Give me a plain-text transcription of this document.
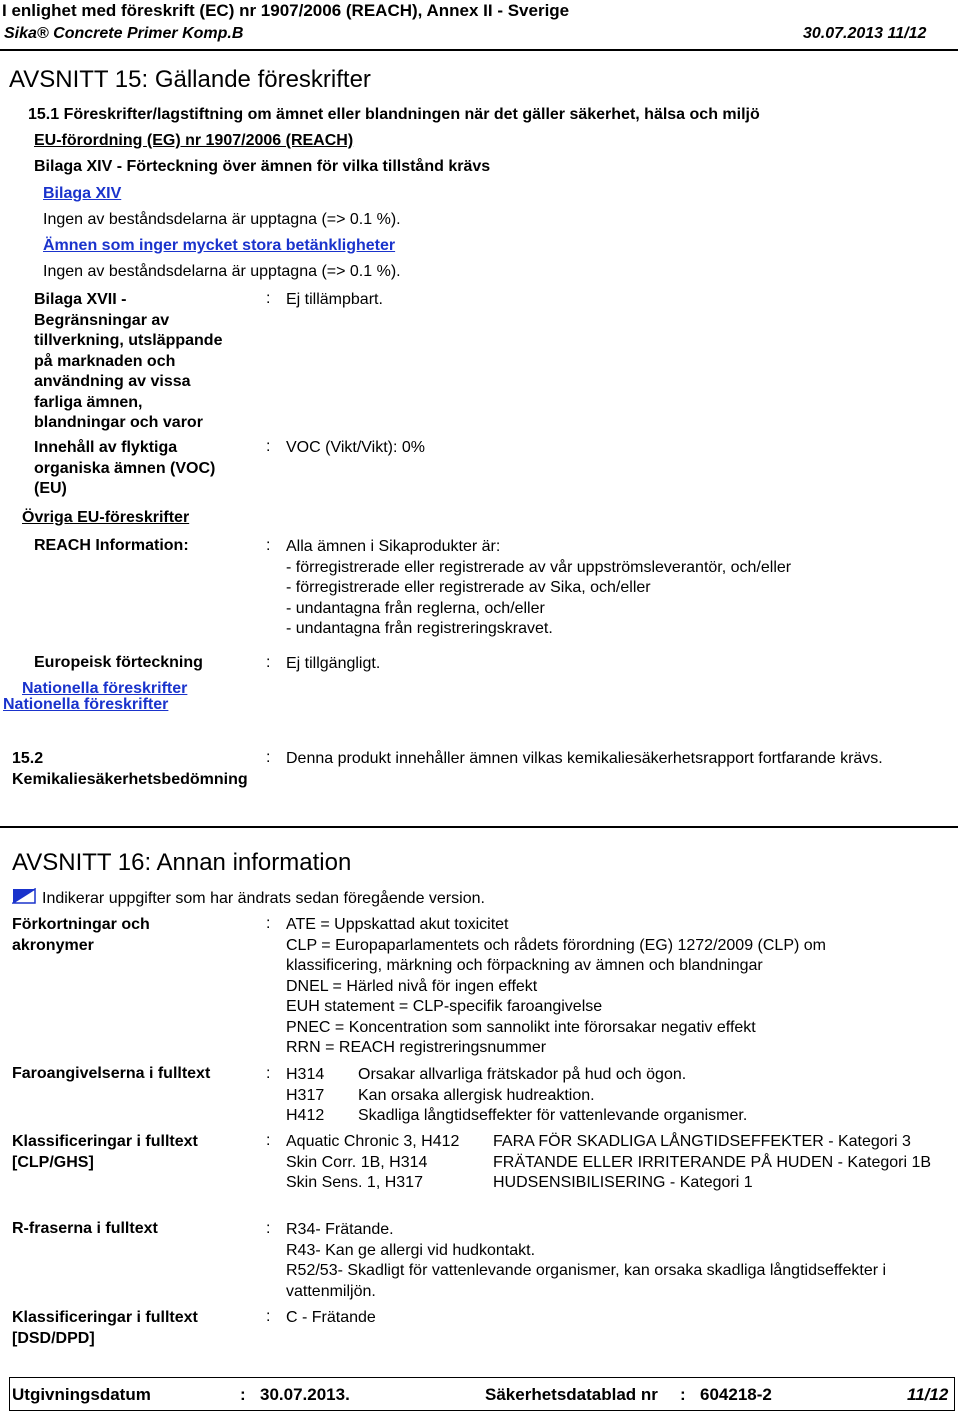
I enlighet med föreskrift (EC) nr 1907/2006 (REACH), Annex II - Sverige
Sika® Concrete Primer Komp.B	30.07.2013 11/12
AVSNITT 15: Gällande föreskrifter
15.1 Föreskrifter/lagstiftning om ämnet eller blandningen när det gäller säkerhet, hälsa och miljö
EU-förordning (EG) nr 1907/2006 (REACH)
Bilaga XIV - Förteckning över ämnen för vilka tillstånd krävs
Bilaga XIV
Ingen av beståndsdelarna är upptagna (=> 0.1 %).
Ämnen som inger mycket stora betänkligheter
Ingen av beståndsdelarna är upptagna (=> 0.1 %).
Bilaga XVII -
Begränsningar av
tillverkning, utsläppande
på marknaden och
användning av vissa
farliga ämnen,
blandningar och varor
: Ej tillämpbart.
Innehåll av flyktiga
organiska ämnen (VOC)
(EU)
: VOC (Vikt/Vikt): 0%
Övriga EU-föreskrifter
REACH Information:	: Alla ämnen i Sikaprodukter är:
- förregistrerade eller registrerade av vår uppströmsleverantör, och/eller
- förregistrerade eller registrerade av Sika, och/eller
- undantagna från reglerna, och/eller
- undantagna från registreringskravet.
Europeisk förteckning	: Ej tillgängligt.
Nationella föreskrifter
Nationella föreskrifter
15.2
Kemikaliesäkerhetsbedömning
: Denna produkt innehåller ämnen vilkas kemikaliesäkerhetsrapport fortfarande krävs.
AVSNITT 16: Annan information
Indikerar uppgifter som har ändrats sedan föregående version.
Förkortningar och
akronymer
: ATE = Uppskattad akut toxicitet
CLP = Europaparlamentets och rådets förordning (EG) 1272/2009 (CLP) om
klassificering, märkning och förpackning av ämnen och blandningar
DNEL = Härled nivå för ingen effekt
EUH statement = CLP-specifik faroangivelse
PNEC = Koncentration som sannolikt inte förorsakar negativ effekt
RRN = REACH registreringsnummer
Faroangivelserna i fulltext	: H314	Orsakar allvarliga frätskador på hud och ögon.
H317	Kan orsaka allergisk hudreaktion.
H412	Skadliga långtidseffekter för vattenlevande organismer.
Klassificeringar i fulltext
[CLP/GHS]
: Aquatic Chronic 3, H412	FARA FÖR SKADLIGA LÅNGTIDSEFFEKTER - Kategori 3
Skin Corr. 1B, H314	FRÄTANDE ELLER IRRITERANDE PÅ HUDEN - Kategori 1B
Skin Sens. 1, H317	HUDSENSIBILISERING - Kategori 1
R-fraserna i fulltext	: R34- Frätande.
R43- Kan ge allergi vid hudkontakt.
R52/53- Skadligt för vattenlevande organismer, kan orsaka skadliga långtidseffekter i
vattenmiljön.
Klassificeringar i fulltext
[DSD/DPD]
: C - Frätande
Utgivningsdatum	: 30.07.2013.	Säkerhetsdatablad nr : 604218-2	11/12
